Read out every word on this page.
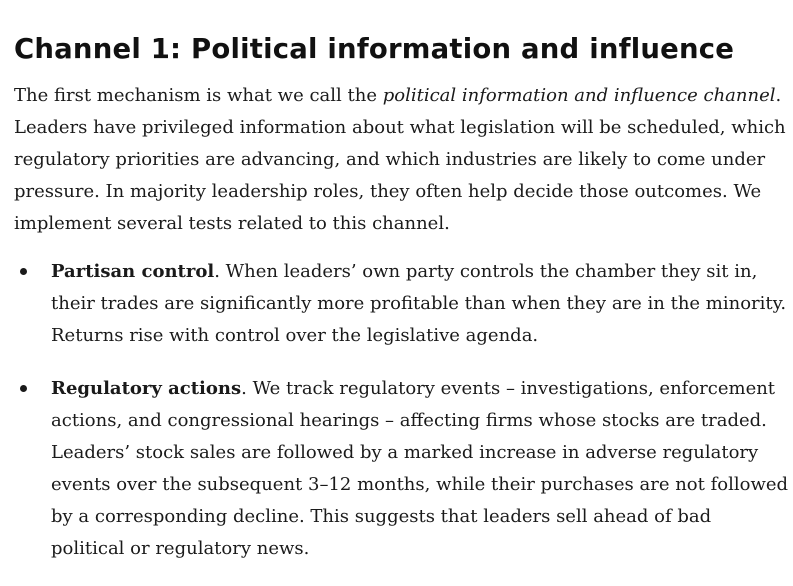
Channel 1: Political information and influence

The first mechanism is what we call the political information and influence channel. Leaders have privileged information about what legislation will be scheduled, which regulatory priorities are advancing, and which industries are likely to come under pressure. In majority leadership roles, they often help decide those outcomes. We implement several tests related to this channel.

Partisan control. When leaders’ own party controls the chamber they sit in, their trades are significantly more profitable than when they are in the minority. Returns rise with control over the legislative agenda.
Regulatory actions. We track regulatory events – investigations, enforcement actions, and congressional hearings – affecting firms whose stocks are traded. Leaders’ stock sales are followed by a marked increase in adverse regulatory events over the subsequent 3–12 months, while their purchases are not followed by a corresponding decline. This suggests that leaders sell ahead of bad political or regulatory news.
